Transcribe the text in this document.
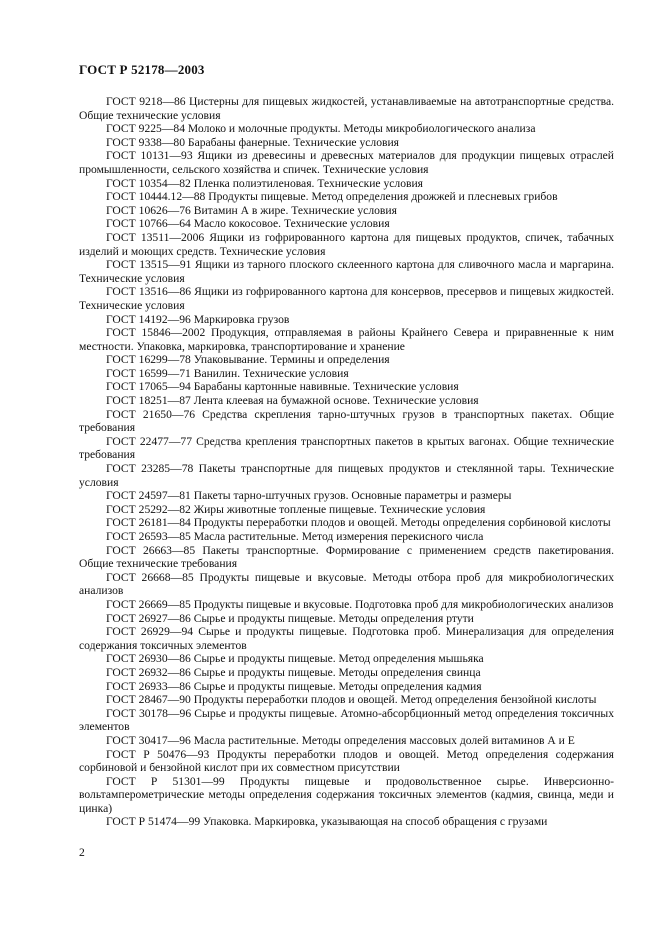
ГОСТ Р 52178—2003

ГОСТ 9218—86 Цистерны для пищевых жидкостей, устанавливаемые на автотранспортные средства. Общие технические условия

ГОСТ 9225—84 Молоко и молочные продукты. Методы микробиологического анализа

ГОСТ 9338—80 Барабаны фанерные. Технические условия

ГОСТ 10131—93 Ящики из древесины и древесных материалов для продукции пищевых отраслей промышленности, сельского хозяйства и спичек. Технические условия

ГОСТ 10354—82 Пленка полиэтиленовая. Технические условия

ГОСТ 10444.12—88 Продукты пищевые. Метод определения дрожжей и плесневых грибов

ГОСТ 10626—76 Витамин А в жире. Технические условия

ГОСТ 10766—64 Масло кокосовое. Технические условия

ГОСТ 13511—2006 Ящики из гофрированного картона для пищевых продуктов, спичек, табачных изделий и моющих средств. Технические условия

ГОСТ 13515—91 Ящики из тарного плоского склеенного картона для сливочного масла и маргарина. Технические условия

ГОСТ 13516—86 Ящики из гофрированного картона для консервов, пресервов и пищевых жидкостей. Технические условия

ГОСТ 14192—96 Маркировка грузов

ГОСТ 15846—2002 Продукция, отправляемая в районы Крайнего Севера и приравненные к ним местности. Упаковка, маркировка, транспортирование и хранение

ГОСТ 16299—78 Упаковывание. Термины и определения

ГОСТ 16599—71 Ванилин. Технические условия

ГОСТ 17065—94 Барабаны картонные навивные. Технические условия

ГОСТ 18251—87 Лента клеевая на бумажной основе. Технические условия

ГОСТ 21650—76 Средства скрепления тарно-штучных грузов в транспортных пакетах. Общие требования

ГОСТ 22477—77 Средства крепления транспортных пакетов в крытых вагонах. Общие технические требования

ГОСТ 23285—78 Пакеты транспортные для пищевых продуктов и стеклянной тары. Технические условия

ГОСТ 24597—81 Пакеты тарно-штучных грузов. Основные параметры и размеры

ГОСТ 25292—82 Жиры животные топленые пищевые. Технические условия

ГОСТ 26181—84 Продукты переработки плодов и овощей. Методы определения сорбиновой кислоты

ГОСТ 26593—85 Масла растительные. Метод измерения перекисного числа

ГОСТ 26663—85 Пакеты транспортные. Формирование с применением средств пакетирования. Общие технические требования

ГОСТ 26668—85 Продукты пищевые и вкусовые. Методы отбора проб для микробиологических анализов

ГОСТ 26669—85 Продукты пищевые и вкусовые. Подготовка проб для микробиологических анализов

ГОСТ 26927—86 Сырье и продукты пищевые. Методы определения ртути

ГОСТ 26929—94 Сырье и продукты пищевые. Подготовка проб. Минерализация для определения содержания токсичных элементов

ГОСТ 26930—86 Сырье и продукты пищевые. Метод определения мышьяка

ГОСТ 26932—86 Сырье и продукты пищевые. Методы определения свинца

ГОСТ 26933—86 Сырье и продукты пищевые. Методы определения кадмия

ГОСТ 28467—90 Продукты переработки плодов и овощей. Метод определения бензойной кислоты

ГОСТ 30178—96 Сырье и продукты пищевые. Атомно-абсорбционный метод определения токсичных элементов

ГОСТ 30417—96 Масла растительные. Методы определения массовых долей витаминов А и Е

ГОСТ Р 50476—93 Продукты переработки плодов и овощей. Метод определения содержания сорбиновой и бензойной кислот при их совместном присутствии

ГОСТ Р 51301—99 Продукты пищевые и продовольственное сырье. Инверсионно-вольтамперометрические методы определения содержания токсичных элементов (кадмия, свинца, меди и цинка)

ГОСТ Р 51474—99 Упаковка. Маркировка, указывающая на способ обращения с грузами

2
